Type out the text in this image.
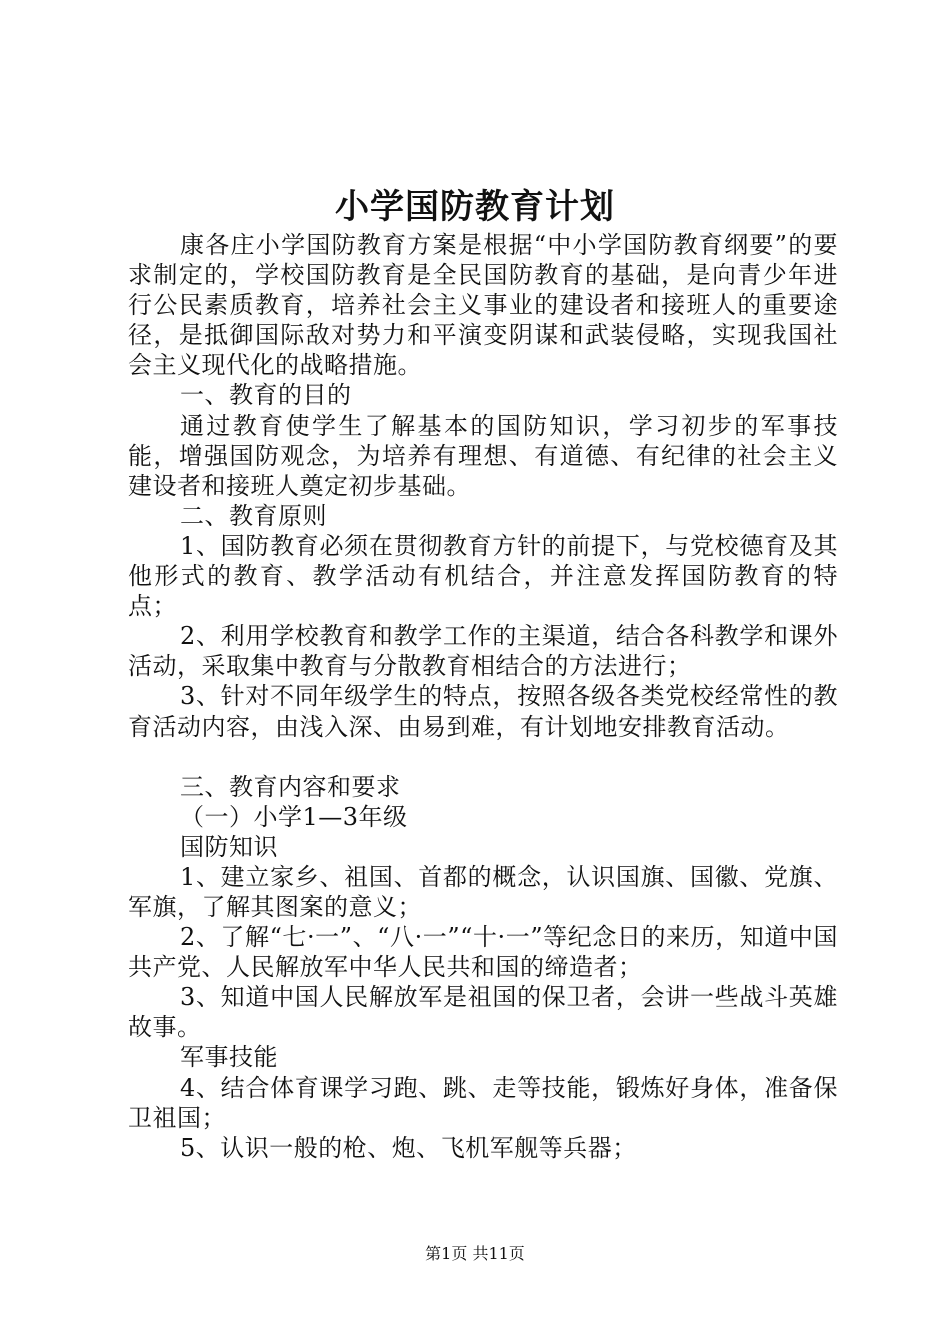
小学国防教育计划

康各庄小学国防教育方案是根据“中小学国防教育纲要”的要求制定的，学校国防教育是全民国防教育的基础，是向青少年进行公民素质教育，培养社会主义事业的建设者和接班人的重要途径，是抵御国际敌对势力和平演变阴谋和武装侵略，实现我国社会主义现代化的战略措施。

一、教育的目的

通过教育使学生了解基本的国防知识，学习初步的军事技能，增强国防观念，为培养有理想、有道德、有纪律的社会主义建设者和接班人奠定初步基础。

二、教育原则

1、国防教育必须在贯彻教育方针的前提下，与党校德育及其他形式的教育、教学活动有机结合，并注意发挥国防教育的特点；

2、利用学校教育和教学工作的主渠道，结合各科教学和课外活动，采取集中教育与分散教育相结合的方法进行；

3、针对不同年级学生的特点，按照各级各类党校经常性的教育活动内容，由浅入深、由易到难，有计划地安排教育活动。

三、教育内容和要求

（一）小学1—3年级

国防知识

1、建立家乡、祖国、首都的概念，认识国旗、国徽、党旗、军旗，了解其图案的意义；

2、了解“七·一”、“八·一”“十·一”等纪念日的来历，知道中国共产党、人民解放军中华人民共和国的缔造者；

3、知道中国人民解放军是祖国的保卫者，会讲一些战斗英雄故事。

军事技能

4、结合体育课学习跑、跳、走等技能，锻炼好身体，准备保卫祖国；

5、认识一般的枪、炮、飞机军舰等兵器；

第1页 共11页
